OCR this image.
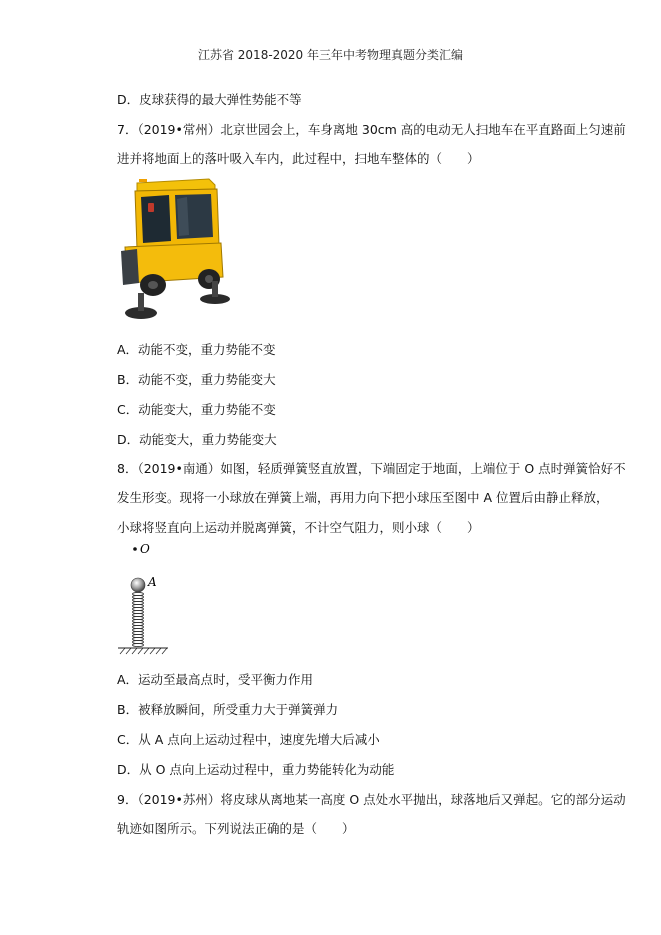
江苏省 2018-2020 年三年中考物理真题分类汇编
D．皮球获得的最大弹性势能不等
7．（2019•常州）北京世园会上，车身离地 30cm 高的电动无人扫地车在平直路面上匀速前
进并将地面上的落叶吸入车内，此过程中，扫地车整体的（　　）
A．动能不变，重力势能不变
B．动能不变，重力势能变大
C．动能变大，重力势能不变
D．动能变大，重力势能变大
8．（2019•南通）如图，轻质弹簧竖直放置，下端固定于地面，上端位于 O 点时弹簧恰好不
发生形变。现将一小球放在弹簧上端，再用力向下把小球压至图中 A 位置后由静止释放，
小球将竖直向上运动并脱离弹簧，不计空气阻力，则小球（　　）
O
A
A．运动至最高点时，受平衡力作用
B．被释放瞬间，所受重力大于弹簧弹力
C．从 A 点向上运动过程中，速度先增大后减小
D．从 O 点向上运动过程中，重力势能转化为动能
9．（2019•苏州）将皮球从离地某一高度 O 点处水平抛出，球落地后又弹起。它的部分运动
轨迹如图所示。下列说法正确的是（　　）
